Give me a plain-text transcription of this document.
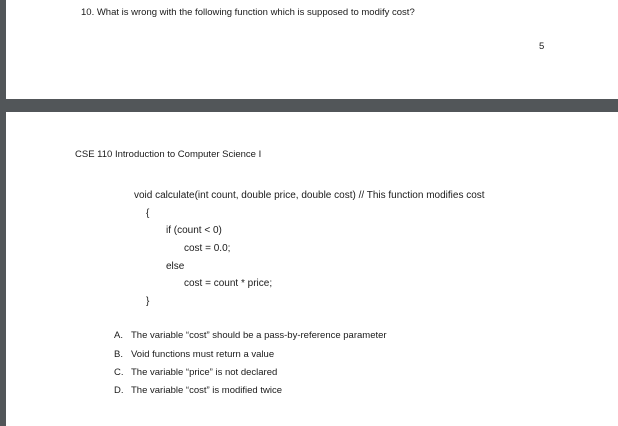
10. What is wrong with the following function which is supposed to modify cost?
5
CSE 110 Introduction to Computer Science I
void calculate(int count, double price, double cost) // This function modifies cost
{
if (count < 0)
cost = 0.0;
else
cost = count * price;
}
A. The variable “cost” should be a pass-by-reference parameter
B. Void functions must return a value
C. The variable “price” is not declared
D. The variable “cost” is modified twice
